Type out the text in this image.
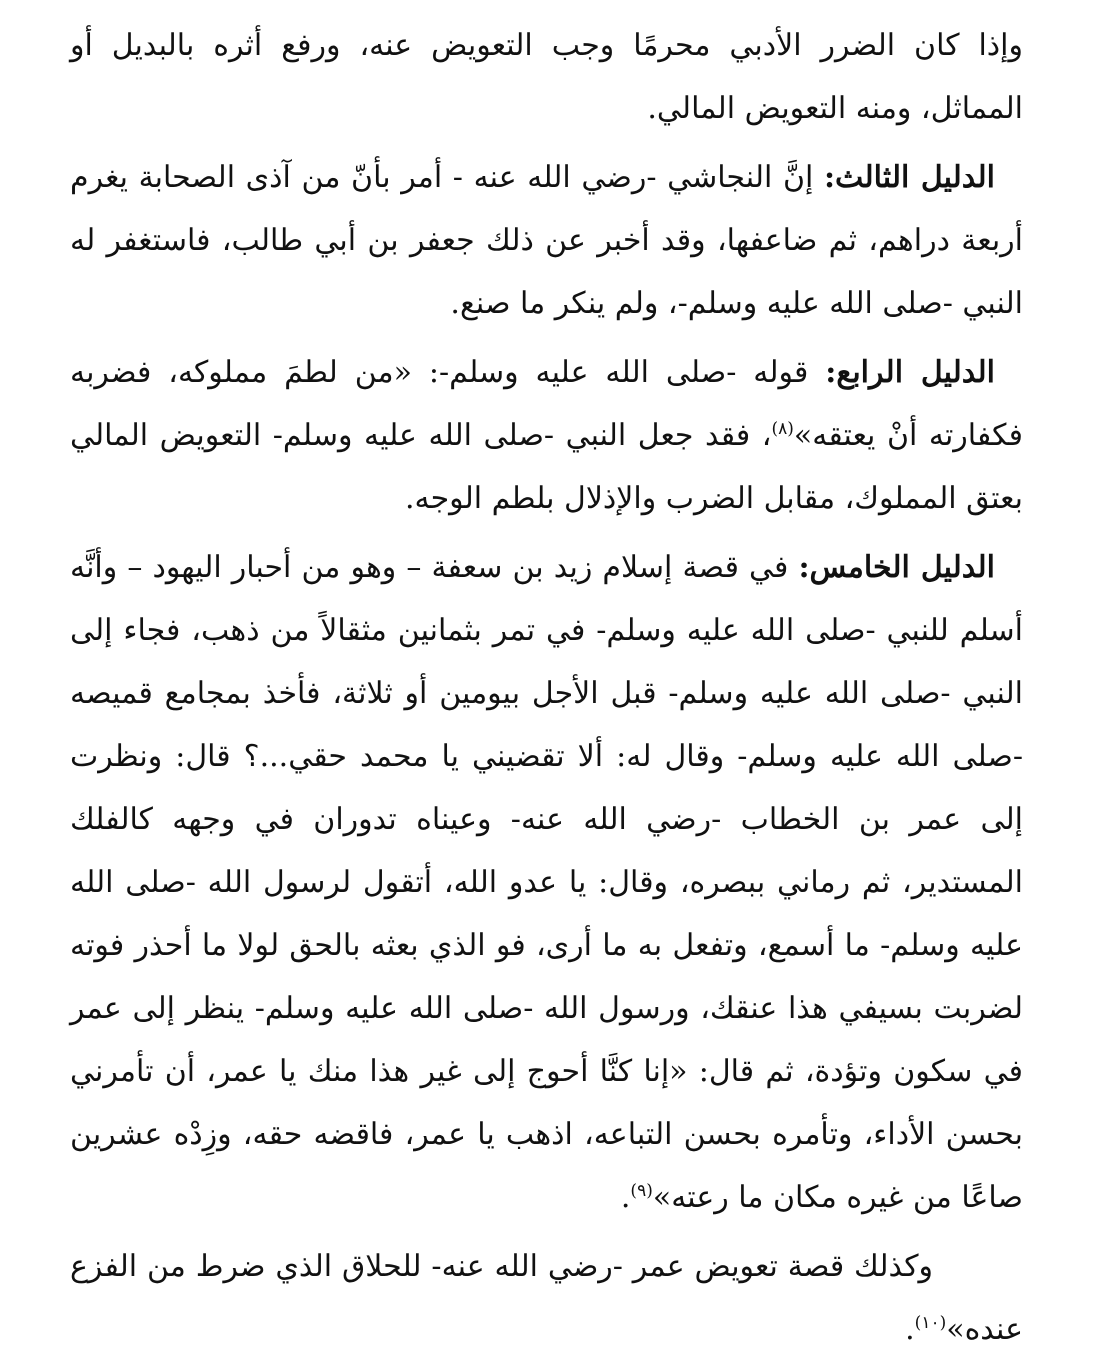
وإذا كان الضرر الأدبي محرمًا وجب التعويض عنه، ورفع أثره بالبديل أو المماثل، ومنه التعويض المالي.

الدليل الثالث: إنَّ النجاشي -رضي الله عنه - أمر بأنّ من آذى الصحابة يغرم أربعة دراهم، ثم ضاعفها، وقد أخبر عن ذلك جعفر بن أبي طالب، فاستغفر له النبي -صلى الله عليه وسلم-، ولم ينكر ما صنع.

الدليل الرابع: قوله -صلى الله عليه وسلم-: «من لطمَ مملوكه، فضربه فكفارته أنْ يعتقه»$^{(٨)}$، فقد جعل النبي -صلى الله عليه وسلم- التعويض المالي بعتق المملوك، مقابل الضرب والإذلال بلطم الوجه.

الدليل الخامس: في قصة إسلام زيد بن سعفة – وهو من أحبار اليهود – وأنَّه أسلم للنبي -صلى الله عليه وسلم- في تمر بثمانين مثقالاً من ذهب، فجاء إلى النبي -صلى الله عليه وسلم- قبل الأجل بيومين أو ثلاثة، فأخذ بمجامع قميصه -صلى الله عليه وسلم- وقال له: ألا تقضيني يا محمد حقي...؟ قال: ونظرت إلى عمر بن الخطاب -رضي الله عنه- وعيناه تدوران في وجهه كالفلك المستدير، ثم رماني ببصره، وقال: يا عدو الله، أتقول لرسول الله -صلى الله عليه وسلم- ما أسمع، وتفعل به ما أرى، فو الذي بعثه بالحق لولا ما أحذر فوته لضربت بسيفي هذا عنقك، ورسول الله -صلى الله عليه وسلم- ينظر إلى عمر في سكون وتؤدة، ثم قال: «إنا كنَّا أحوج إلى غير هذا منك يا عمر، أن تأمرني بحسن الأداء، وتأمره بحسن التباعه، اذهب يا عمر، فاقضه حقه، وزِدْه عشرين صاعًا من غيره مكان ما رعته»$^{(٩)}$.

وكذلك قصة تعويض عمر -رضي الله عنه- للحلاق الذي ضرط من الفزع عنده»$^{(١٠)}$.
